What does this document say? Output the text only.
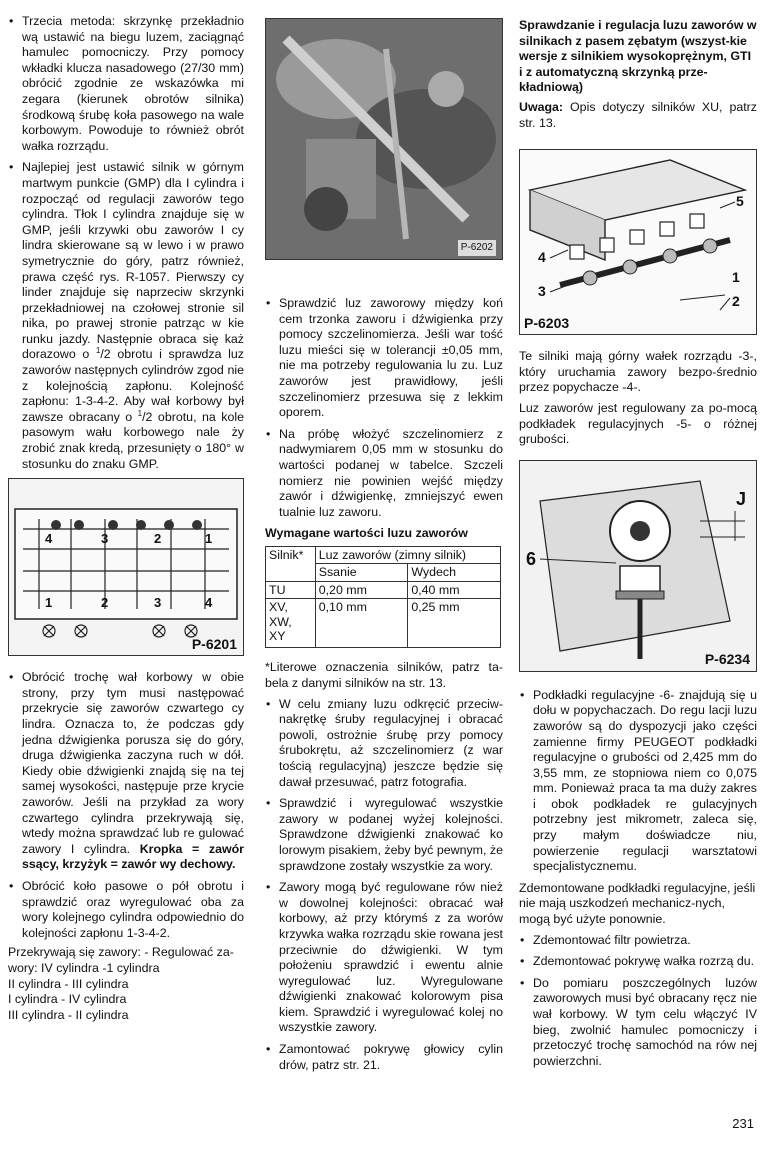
• Trzecia metoda: skrzynkę przekładnio wą ustawić na biegu luzem, zaciągnąć hamulec pomocniczy. Przy pomocy wkładki klucza nasadowego (27/30 mm) obrócić zgodnie ze wskazówka mi zegara (kierunek obrotów silnika) środkową śrubę koła pasowego na wale korbowym. Powoduje to również obrót wałka rozrządu.
• Najlepiej jest ustawić silnik w górnym martwym punkcie (GMP) dla I cylindra i rozpocząć od regulacji zaworów tego cylindra. Tłok I cylindra znajduje się w GMP, jeśli krzywki obu zaworów I cy lindra skierowane są w lewo i w prawo symetrycznie do góry, patrz również, prawa część rys. R-1057. Pierwszy cy linder znajduje się naprzeciw skrzynki przekładniowej na czołowej stronie sil nika, po prawej stronie patrząc w kie runku jazdy. Następnie obraca się każ dorazowo o $^1$/2 obrotu i sprawdza luz zaworów następnych cylindrów zgod nie z kolejnością zapłonu. Kolejność zapłonu: 1-3-4-2. Aby wał korbowy był zawsze obracany o $^1$/2 obrotu, na kole pasowym wału korbowego nale ży zrobić znak kredą, przesunięty o 180° w stosunku do znaku GMP.
4	3	2	1
1	2	3	4
P-6201
• Obrócić trochę wał korbowy w obie strony, przy tym musi następować przekrycie się zaworów czwartego cy lindra. Oznacza to, że podczas gdy jedna dźwigienka porusza się do góry, druga dźwigienka zaczyna ruch w dół. Kiedy obie dźwigienki znajdą się na tej samej wysokości, następuje prze krycie zaworów. Jeśli na przykład za wory czwartego cylindra przekrywają się, wtedy można sprawdzać lub re gulować zawory I cylindra. Kropka = zawór ssący, krzyżyk = zawór wy dechowy.
• Obrócić koło pasowe o pół obrotu i sprawdzić oraz wyregulować oba za wory kolejnego cylindra odpowiednio do kolejności zapłonu 1-3-4-2.
Przekrywają się zawory: - Regulować za-
wory: IV cylindra -1 cylindra
II cylindra - III cylindra
I cylindra - IV cylindra
III cylindra - II cylindra
P-6202
• Sprawdzić luz zaworowy między koń cem trzonka zaworu i dźwigienka przy pomocy szczelinomierza. Jeśli war tość luzu mieści się w tolerancji ±0,05 mm, nie ma potrzeby regulowania lu zu. Luz zaworów jest prawidłowy, jeśli szczelinomierz przesuwa się z lekkim oporem.
• Na próbę włożyć szczelinomierz z nadwymiarem 0,05 mm w stosunku do wartości podanej w tabelce. Szczeli nomierz nie powinien wejść między zawór i dźwigienkę, zmniejszyć ewen tualnie luz zaworu.
Wymagane wartości luzu zaworów
Silnik*	Luz zaworów (zimny silnik)	
	Ssanie	Wydech
TU	0,20 mm	0,40 mm
XV,
XW,
XY	0,10 mm	0,25 mm

*Literowe oznaczenia silników, patrz ta-bela z danymi silników na str. 13.

• W celu zmiany luzu odkręcić przeciw-nakrętkę śruby regulacyjnej i obracać powoli, ostrożnie śrubę przy pomocy śrubokrętu, aż szczelinomierz (z war tością regulacyjną) jeszcze będzie się dawał przesuwać, patrz fotografia.
• Sprawdzić i wyregulować wszystkie zawory w podanej wyżej kolejności. Sprawdzone dźwigienki znakować ko lorowym pisakiem, żeby być pewnym, że sprawdzone zostały wszystkie za wory.
• Zawory mogą być regulowane rów nież w dowolnej kolejności: obracać wał korbowy, aż przy którymś z za worów krzywka wałka rozrządu skie rowana jest przeciwnie do dźwigienki. W tym położeniu sprawdzić i ewentu alnie wyregulować luz. Wyregulowane dźwigienki znakować kolorowym pisa kiem. Sprawdzić i wyregulować kolej no wszystkie zawory.
• Zamontować pokrywę głowicy cylin drów, patrz str. 21.
Sprawdzanie i regulacja luzu zaworów w silnikach z pasem zębatym (wszyst-kie wersje z silnikiem wysokoprężnym, GTI i z automatyczną skrzynką prze-kładniową)

Uwaga: Opis dotyczy silników XU, patrz str. 13.

5
4
3
2
1
P-6203

Te silniki mają górny wałek rozrządu -3-, który uruchamia zawory bezpo-średnio przez popychacze -4-.

Luz zaworów jest regulowany za po-mocą podkładek regulacyjnych -5- o różnej grubości.

6
J
P-6234
• Podkładki regulacyjne -6- znajdują się u dołu w popychaczach. Do regu lacji luzu zaworów są do dyspozycji jako części zamienne firmy PEUGEOT podkładki regulacyjne o grubości od 2,425 mm do 3,55 mm, ze stopniowa niem co 0,075 mm. Ponieważ praca ta ma duży zakres i obok podkładek re gulacyjnych potrzebny jest mikrometr, zaleca się, przy małym doświadcze niu, powierzenie regulacji warsztatowi specjalistycznemu.

Zdemontowane podkładki regulacyjne, jeśli nie mają uszkodzeń mechanicz-nych, mogą być użyte ponownie.

• Zdemontować filtr powietrza.
• Zdemontować pokrywę wałka rozrzą du.
• Do pomiaru poszczególnych luzów zaworowych musi być obracany ręcz nie wał korbowy. W tym celu włączyć IV bieg, zwolnić hamulec pomocniczy i przetoczyć trochę samochód na rów nej powierzchni.
231
